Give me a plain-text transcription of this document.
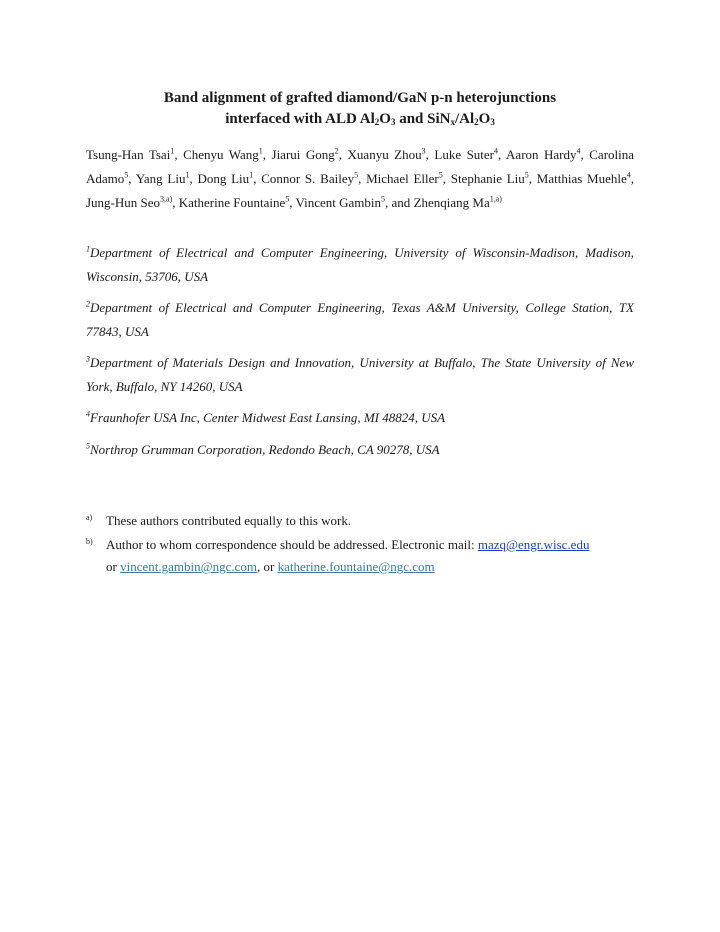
Band alignment of grafted diamond/GaN p-n heterojunctions
interfaced with ALD $Al_2O_3$ and $SiN_x/Al_2O_3$
Tsung-Han Tsai$^1$, Chenyu Wang$^1$, Jiarui Gong$^2$, Xuanyu Zhou$^3$, Luke Suter$^4$, Aaron Hardy$^4$, Carolina Adamo$^5$, Yang Liu$^1$, Dong Liu$^1$, Connor S. Bailey$^5$, Michael Eller$^5$, Stephanie Liu$^5$, Matthias Muehle$^4$, Jung-Hun Seo$^{3,a)}$, Katherine Fountaine$^5$, Vincent Gambin$^5$, and Zhenqiang Ma$^{1,a)}$
$^1$Department of Electrical and Computer Engineering, University of Wisconsin-Madison, Madison, Wisconsin, 53706, USA
$^2$Department of Electrical and Computer Engineering, Texas A&M University, College Station, TX 77843, USA
$^3$Department of Materials Design and Innovation, University at Buffalo, The State University of New York, Buffalo, NY 14260, USA
$^4$Fraunhofer USA Inc, Center Midwest East Lansing, MI 48824, USA
$^5$Northrop Grumman Corporation, Redondo Beach, CA 90278, USA
a)	These authors contributed equally to this work.
b)	Author to whom correspondence should be addressed. Electronic mail: mazq@engr.wisc.edu
or vincent.gambin@ngc.com, or katherine.fountaine@ngc.com
